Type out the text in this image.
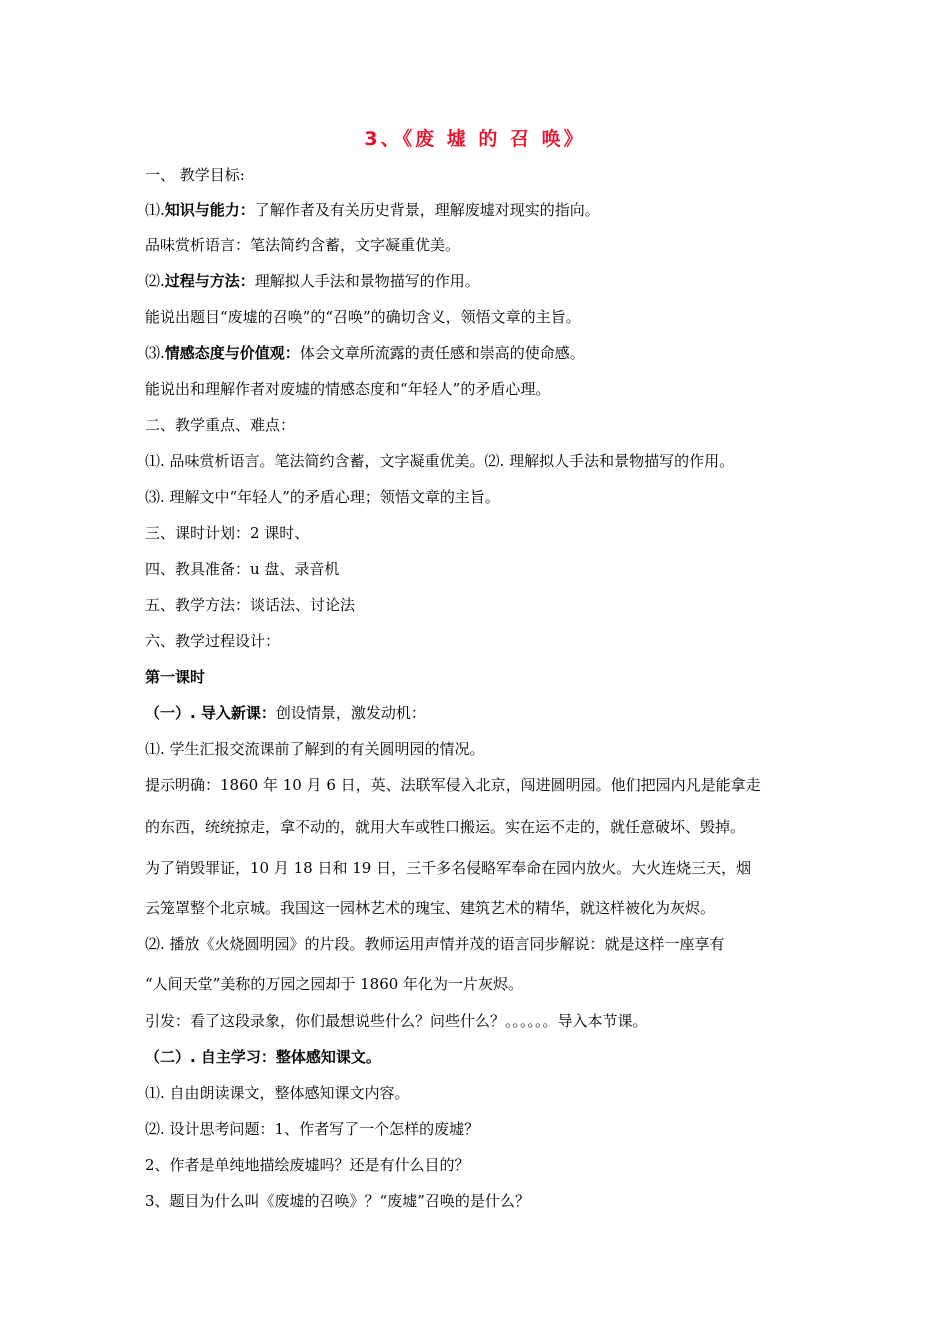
3、《废 墟 的 召 唤》
一、 教学目标:
⑴.知识与能力：了解作者及有关历史背景，理解废墟对现实的指向。
品味赏析语言：笔法简约含蓄，文字凝重优美。
⑵.过程与方法：理解拟人手法和景物描写的作用。
能说出题目“废墟的召唤”的“召唤”的确切含义，领悟文章的主旨。
⑶.情感态度与价值观：体会文章所流露的责任感和崇高的使命感。
能说出和理解作者对废墟的情感态度和“年轻人”的矛盾心理。
二、教学重点、难点：
⑴. 品味赏析语言。笔法简约含蓄，文字凝重优美。⑵. 理解拟人手法和景物描写的作用。
⑶. 理解文中“年轻人”的矛盾心理；领悟文章的主旨。
三、课时计划：2 课时、
四、教具准备：u 盘、录音机
五、教学方法：谈话法、讨论法
六、教学过程设计：
第一课时
（一）. 导入新课：创设情景，激发动机：
⑴. 学生汇报交流课前了解到的有关圆明园的情况。
提示明确：1860 年 10 月 6 日，英、法联军侵入北京，闯进圆明园。他们把园内凡是能拿走
的东西，统统掠走，拿不动的，就用大车或牲口搬运。实在运不走的，就任意破坏、毁掉。
为了销毁罪证，10 月 18 日和 19 日，三千多名侵略军奉命在园内放火。大火连烧三天，烟
云笼罩整个北京城。我国这一园林艺术的瑰宝、建筑艺术的精华，就这样被化为灰烬。
⑵. 播放《火烧圆明园》的片段。教师运用声情并茂的语言同步解说：就是这样一座享有
“人间天堂”美称的万园之园却于 1860 年化为一片灰烬。
引发：看了这段录象，你们最想说些什么？问些什么？。。。。。。导入本节课。
（二）. 自主学习：整体感知课文。
⑴. 自由朗读课文，整体感知课文内容。
⑵. 设计思考问题：1、作者写了一个怎样的废墟？
2、作者是单纯地描绘废墟吗？还是有什么目的？
3、题目为什么叫《废墟的召唤》？“废墟”召唤的是什么？
